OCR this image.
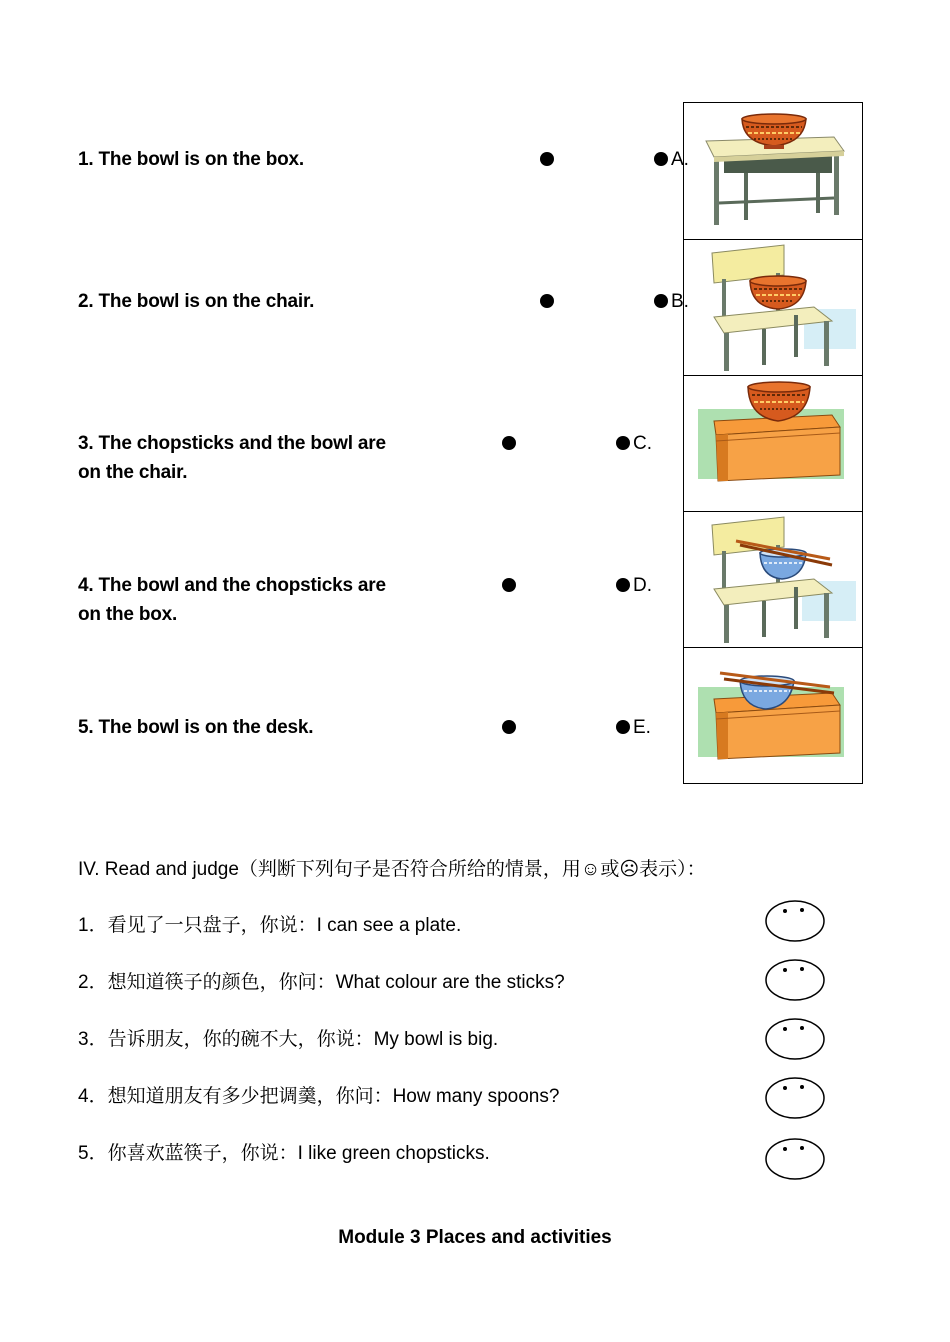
1. The bowl is on the box.
2. The bowl is on the chair.
3. The chopsticks and the bowl are
on the chair.
4. The bowl and the chopsticks are
on the box.
5. The bowl is on the desk.
A.
B.
C.
D.
E.
IV. Read and judge（判断下列句子是否符合所给的情景，用☺或☹表示）：
1．看见了一只盘子，你说：I can see a plate.
2．想知道筷子的颜色，你问：What colour are the sticks?
3．告诉朋友，你的碗不大，你说：My bowl is big.
4．想知道朋友有多少把调羹，你问：How many spoons?
5．你喜欢蓝筷子，你说：I like green chopsticks.
Module 3 Places and activities
